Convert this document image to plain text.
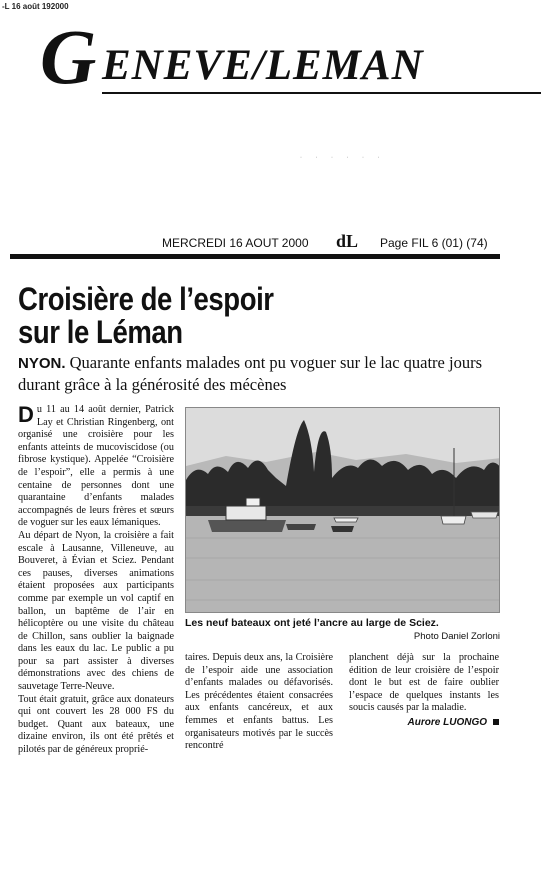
-L 16 août 192000
G ENEVE/LEMAN
· · · · · ·
MERCREDI 16 AOUT 2000 dL Page FIL 6 (01) (74)
Croisière de l’espoir
sur le Léman
NYON. Quarante enfants malades ont pu voguer sur le lac quatre jours durant grâce à la générosité des mécènes

Du 11 au 14 août dernier, Patrick Lay et Christian Ringenberg, ont organisé une croisière pour les enfants atteints de mucoviscidose (ou fibrose kystique). Appelée “Croisière de l’espoir”, elle a permis à une centaine de personnes dont une quarantaine d’enfants malades accompagnés de leurs frères et sœurs de voguer sur les eaux lémaniques.

Au départ de Nyon, la croisière a fait escale à Lausanne, Villeneuve, au Bouveret, à Évian et Sciez. Pendant ces pauses, diverses animations étaient proposées aux participants comme par exemple un vol captif en ballon, un baptême de l’air en hélicoptère ou une visite du château de Chillon, sans oublier la baignade dans les eaux du lac. Le public a pu pour sa part assister à diverses démonstrations avec des chiens de sauvetage Terre-Neuve.

Tout était gratuit, grâce aux donateurs qui ont couvert les 28 000 FS du budget. Quant aux bateaux, une dizaine environ, ils ont été prêtés et pilotés par de généreux proprié-

Les neuf bateaux ont jeté l’ancre au large de Sciez.
Photo Daniel Zorloni

taires. Depuis deux ans, la Croisière de l’espoir aide une association d’enfants malades ou défavorisés. Les précédentes étaient consacrées aux enfants cancéreux, et aux femmes et enfants battus. Les organisateurs motivés par le succès rencontré

planchent déjà sur la prochaine édition de leur croisière de l’espoir dont le but est de faire oublier l’espace de quelques instants les soucis causés par la maladie.

Aurore LUONGO
